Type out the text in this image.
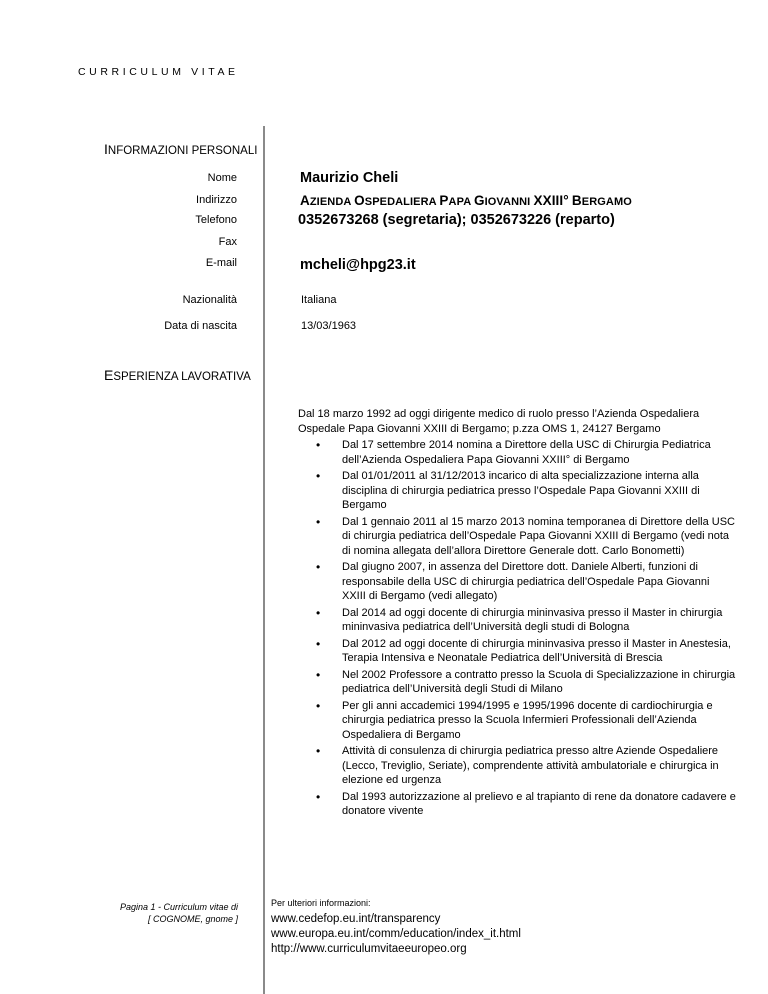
CURRICULUM VITAE
INFORMAZIONI PERSONALI
Nome	Maurizio Cheli
Indirizzo	AZIENDA OSPEDALIERA PAPA GIOVANNI XXIII° BERGAMO
Telefono	0352673268 (segretaria); 0352673226 (reparto)
Fax
E-mail	mcheli@hpg23.it
Nazionalità	Italiana
Data di nascita	13/03/1963
ESPERIENZA LAVORATIVA
Dal 18 marzo 1992 ad oggi dirigente medico di ruolo presso l’Azienda Ospedaliera Ospedale Papa Giovanni XXIII di Bergamo; p.zza OMS 1, 24127 Bergamo
• Dal 17 settembre 2014 nomina a Direttore della USC di Chirurgia Pediatrica dell’Azienda Ospedaliera Papa Giovanni XXIII° di Bergamo
• Dal 01/01/2011 al 31/12/2013 incarico di alta specializzazione interna alla disciplina di chirurgia pediatrica presso l’Ospedale Papa Giovanni XXIII di Bergamo
• Dal 1 gennaio 2011 al 15 marzo 2013 nomina temporanea di Direttore della USC di chirurgia pediatrica dell’Ospedale Papa Giovanni XXIII di Bergamo (vedi nota di nomina allegata dell’allora Direttore Generale dott. Carlo Bonometti)
• Dal giugno 2007, in assenza del Direttore dott. Daniele Alberti, funzioni di responsabile della USC di chirurgia pediatrica dell’Ospedale Papa Giovanni XXIII di Bergamo (vedi allegato)
• Dal 2014 ad oggi docente di chirurgia mininvasiva presso il Master in chirurgia mininvasiva pediatrica dell’Università degli studi di Bologna
• Dal 2012 ad oggi docente di chirurgia mininvasiva presso il Master in Anestesia, Terapia Intensiva e Neonatale Pediatrica dell’Università di Brescia
• Nel 2002 Professore a contratto presso la Scuola di Specializzazione in chirurgia pediatrica dell’Università degli Studi di Milano
• Per gli anni accademici 1994/1995 e 1995/1996 docente di cardiochirurgia e chirurgia pediatrica presso la Scuola Infermieri Professionali dell’Azienda Ospedaliera di Bergamo
• Attività di consulenza di chirurgia pediatrica presso altre Aziende Ospedaliere (Lecco, Treviglio, Seriate), comprendente attività ambulatoriale e chirurgica in elezione ed urgenza
• Dal 1993 autorizzazione al prelievo e al trapianto di rene da donatore cadavere e donatore vivente
Pagina 1 - Curriculum vitae di
[ COGNOME, gnome ]
Per ulteriori informazioni:
www.cedefop.eu.int/transparency
www.europa.eu.int/comm/education/index_it.html
http://www.curriculumvitaeeuropeo.org
